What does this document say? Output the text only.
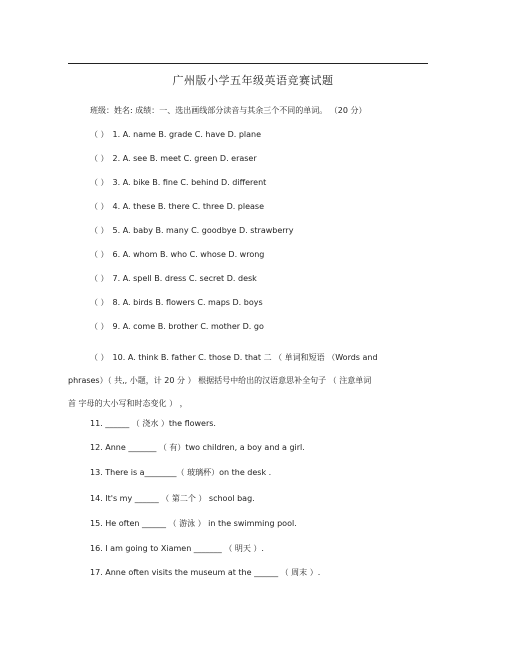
广州版小学五年级英语竞赛试题
班级：姓名: 成绩：一、选出画线部分读音与其余三个不同的单词。 （20 分）
（ ） 1. A. name B. grade C. have D. plane
（ ） 2. A. see B. meet C. green D. eraser
（ ） 3. A. bike B. fine C. behind D. different
（ ） 4. A. these B. there C. three D. please
（ ） 5. A. baby B. many C. goodbye D. strawberry
（ ） 6. A. whom B. who C. whose D. wrong
（ ） 7. A. spell B. dress C. secret D. desk
（ ） 8. A. birds B. flowers C. maps D. boys
（ ） 9. A. come B. brother C. mother D. go
（ ） 10. A. think B. father C. those D. that 二 （ 单词和短语 （Words and
phrases）（ 共,, 小题，计 20 分 ） 根据括号中给出的汉语意思补全句子 （ 注意单词
首 字母的大小写和时态变化 ） ，
11. ______ （ 浇水 ）the flowers.
12. Anne _______ （ 有）two children, a boy and a girl.
13. There is a________（ 玻璃杯）on the desk .
14. It's my ______ （ 第二个 ） school bag.
15. He often ______ （ 游泳 ） in the swimming pool.
16. I am going to Xiamen _______ （ 明天 ）.
17. Anne often visits the museum at the ______ （ 周末 ）.
